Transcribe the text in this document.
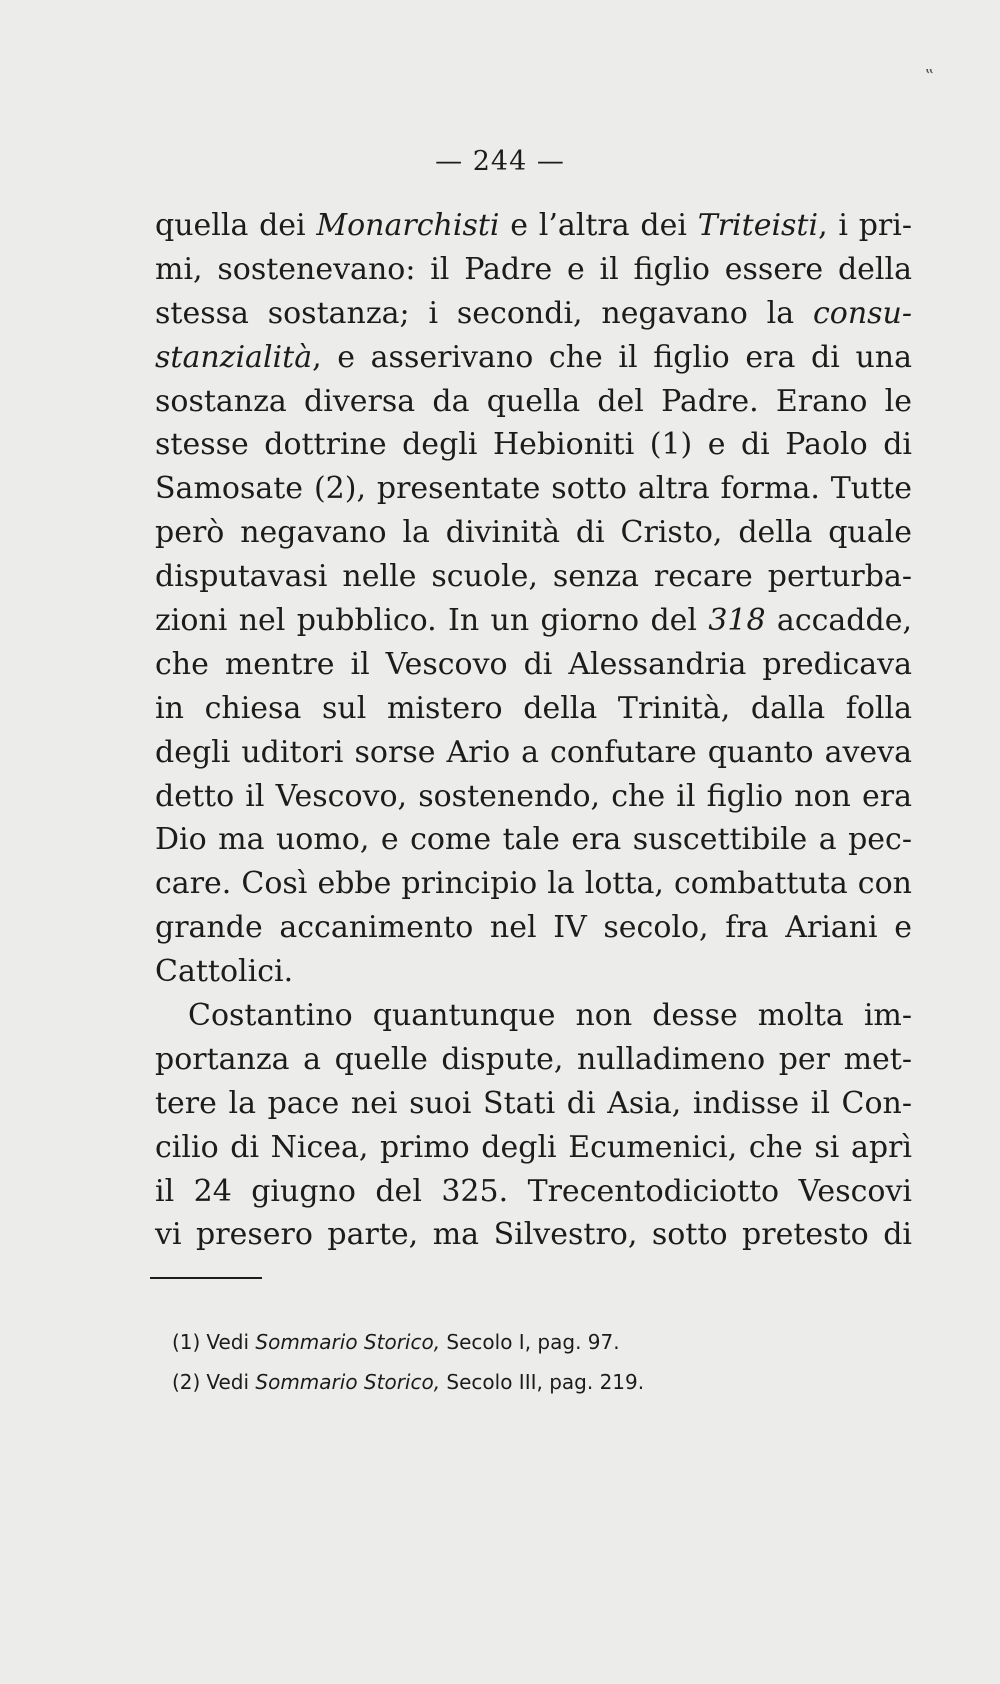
‟
— 244 —
quella dei Monarchisti e l’altra dei Triteisti, i pri-
mi, sostenevano: il Padre e il figlio essere della
stessa sostanza; i secondi, negavano la consu-
stanzialità, e asserivano che il figlio era di una
sostanza diversa da quella del Padre. Erano le
stesse dottrine degli Hebioniti (1) e di Paolo di
Samosate (2), presentate sotto altra forma. Tutte
però negavano la divinità di Cristo, della quale
disputavasi nelle scuole, senza recare perturba-
zioni nel pubblico. In un giorno del 318 accadde,
che mentre il Vescovo di Alessandria predicava
in chiesa sul mistero della Trinità, dalla folla
degli uditori sorse Ario a confutare quanto aveva
detto il Vescovo, sostenendo, che il figlio non era
Dio ma uomo, e come tale era suscettibile a pec-
care. Così ebbe principio la lotta, combattuta con
grande accanimento nel IV secolo, fra Ariani e
Cattolici.
Costantino quantunque non desse molta im-
portanza a quelle dispute, nulladimeno per met-
tere la pace nei suoi Stati di Asia, indisse il Con-
cilio di Nicea, primo degli Ecumenici, che si aprì
il 24 giugno del 325. Trecentodiciotto Vescovi
vi presero parte, ma Silvestro, sotto pretesto di
(1) Vedi Sommario Storico, Secolo I, pag. 97.
(2) Vedi Sommario Storico, Secolo III, pag. 219.
